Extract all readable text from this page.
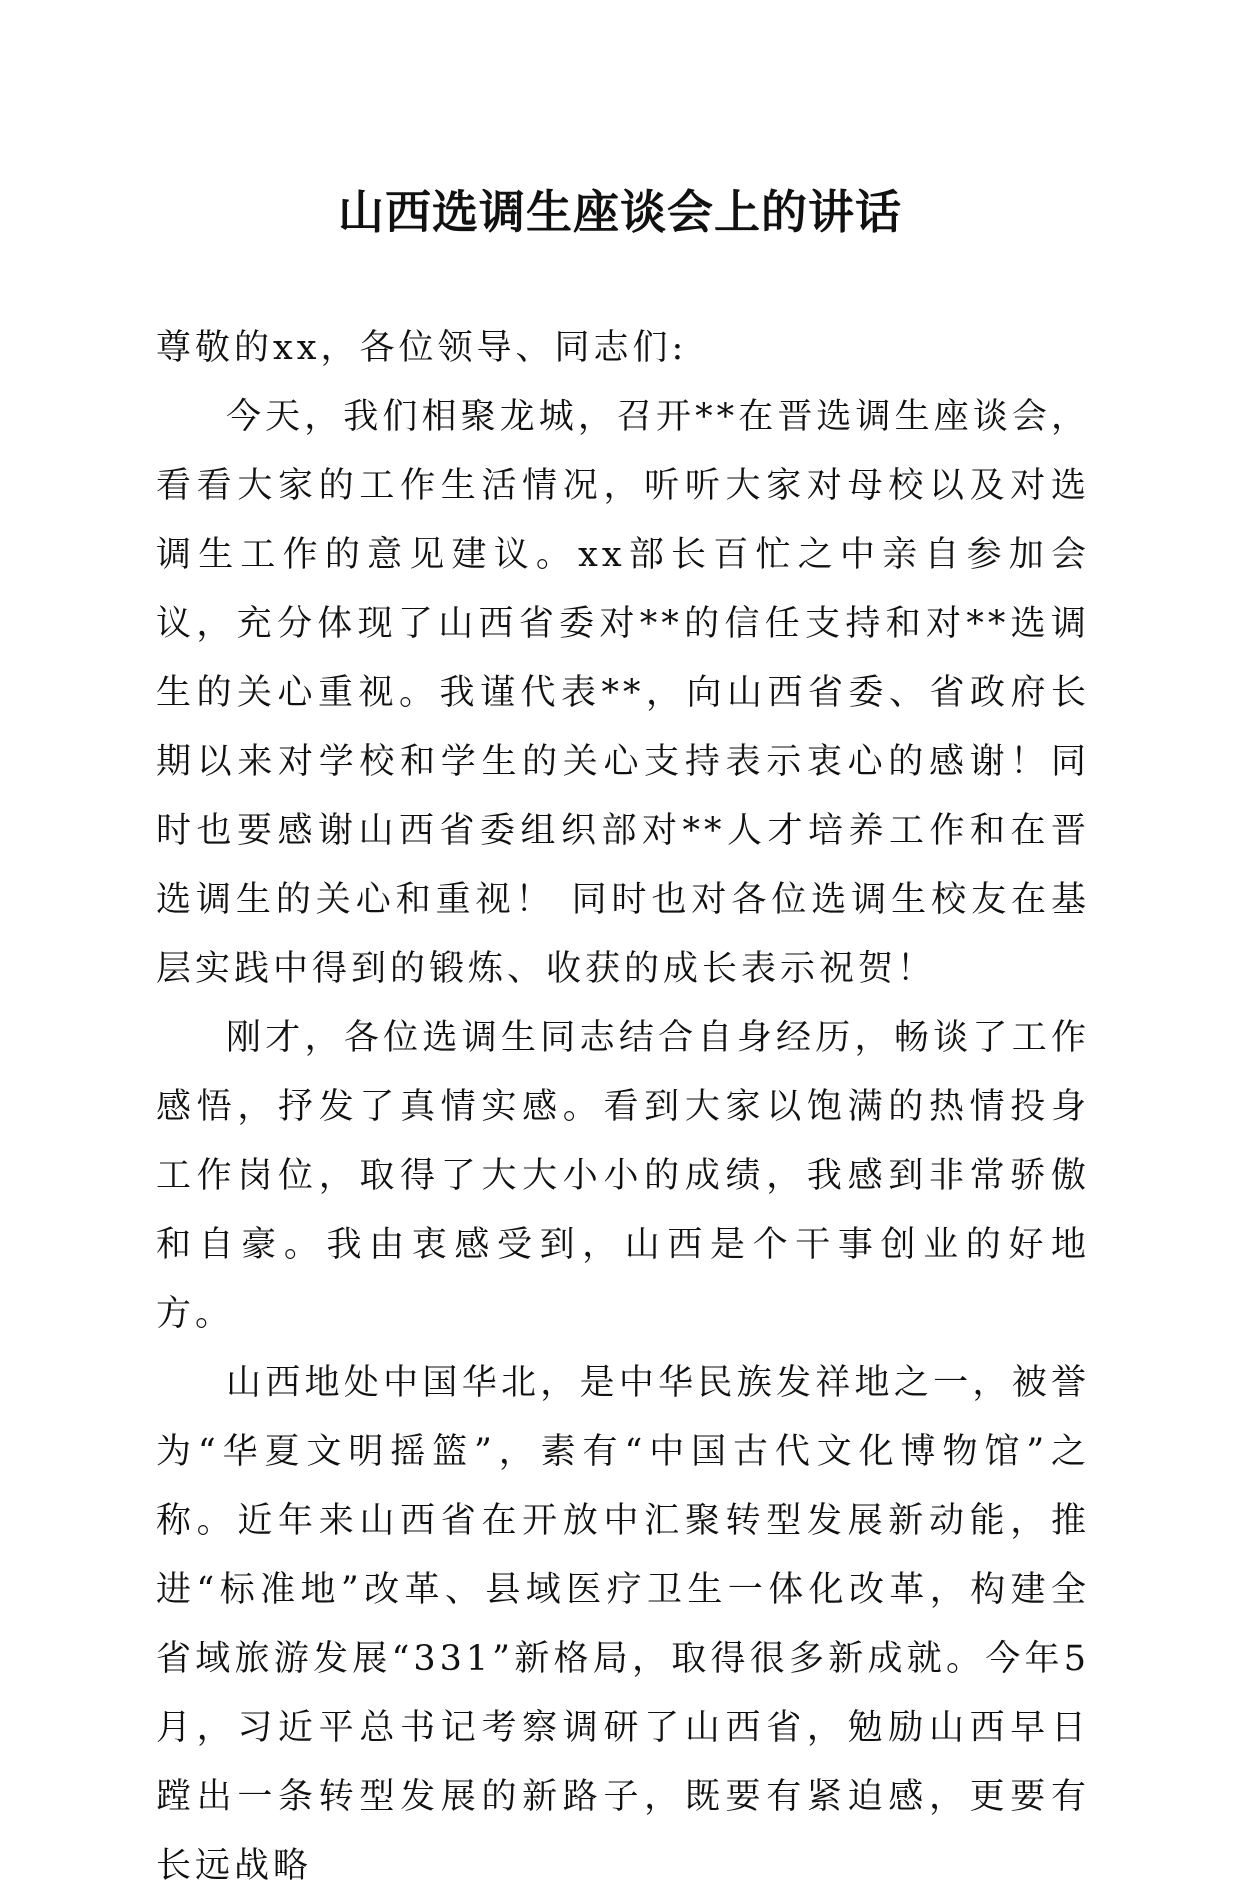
山西选调生座谈会上的讲话

尊敬的xx，各位领导、同志们:

今天，我们相聚龙城，召开**在晋选调生座谈会，看看大家的工作生活情况，听听大家对母校以及对选调生工作的意见建议。xx部长百忙之中亲自参加会议，充分体现了山西省委对**的信任支持和对**选调生的关心重视。我谨代表**，向山西省委、省政府长期以来对学校和学生的关心支持表示衷心的感谢！同时也要感谢山西省委组织部对**人才培养工作和在晋选调生的关心和重视！ 同时也对各位选调生校友在基层实践中得到的锻炼、收获的成长表示祝贺！

刚才，各位选调生同志结合自身经历，畅谈了工作感悟，抒发了真情实感。看到大家以饱满的热情投身工作岗位，取得了大大小小的成绩，我感到非常骄傲和自豪。我由衷感受到，山西是个干事创业的好地方。

山西地处中国华北，是中华民族发祥地之一，被誉为“华夏文明摇篮”，素有“中国古代文化博物馆”之称。近年来山西省在开放中汇聚转型发展新动能，推进“标准地”改革、县域医疗卫生一体化改革，构建全省域旅游发展“331”新格局，取得很多新成就。今年5月，习近平总书记考察调研了山西省，勉励山西早日蹚出一条转型发展的新路子，既要有紧迫感，更要有长远战略
